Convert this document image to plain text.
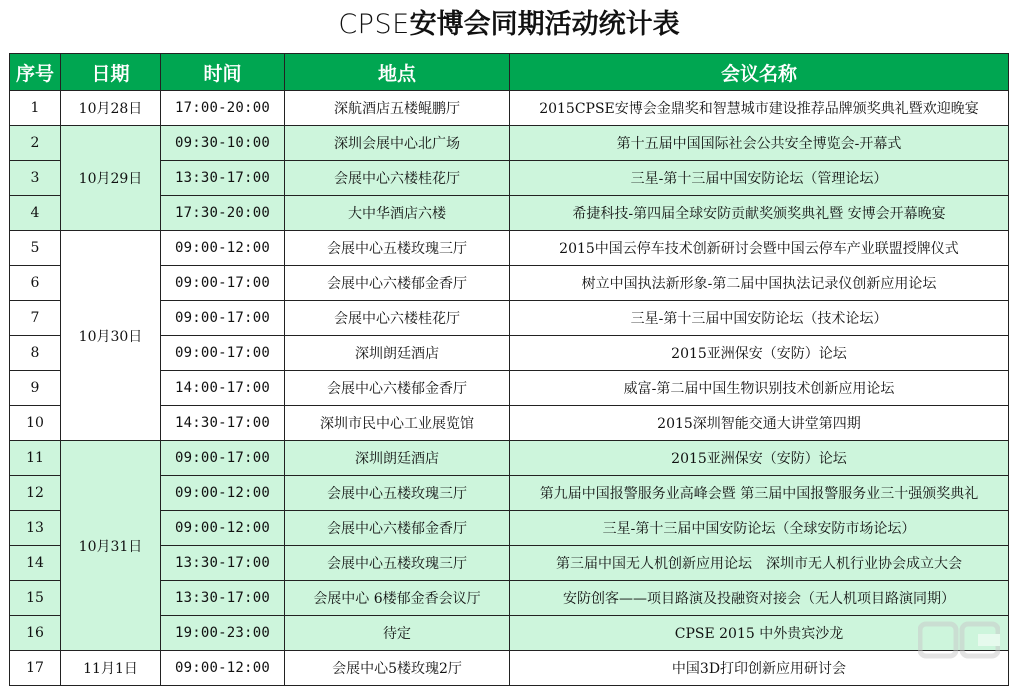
CPSE安博会同期活动统计表
序号	日期	时间	地点	会议名称
1	10月28日	17:00-20:00	深航酒店五楼鲲鹏厅	2015CPSE安博会金鼎奖和智慧城市建设推荐品牌颁奖典礼暨欢迎晚宴
2	10月29日	09:30-10:00	深圳会展中心北广场	第十五届中国国际社会公共安全博览会-开幕式
3		13:30-17:00	会展中心六楼桂花厅	三星-第十三届中国安防论坛（管理论坛）
4		17:30-20:00	大中华酒店六楼	希捷科技-第四届全球安防贡献奖颁奖典礼暨 安博会开幕晚宴
5	10月30日	09:00-12:00	会展中心五楼玫瑰三厅	2015中国云停车技术创新研讨会暨中国云停车产业联盟授牌仪式
6		09:00-17:00	会展中心六楼郁金香厅	树立中国执法新形象-第二届中国执法记录仪创新应用论坛
7		09:00-17:00	会展中心六楼桂花厅	三星-第十三届中国安防论坛（技术论坛）
8		09:00-17:00	深圳朗廷酒店	2015亚洲保安（安防）论坛
9		14:00-17:00	会展中心六楼郁金香厅	威富-第二届中国生物识别技术创新应用论坛
10		14:30-17:00	深圳市民中心工业展览馆	2015深圳智能交通大讲堂第四期
11	10月31日	09:00-17:00	深圳朗廷酒店	2015亚洲保安（安防）论坛
12		09:00-12:00	会展中心五楼玫瑰三厅	第九届中国报警服务业高峰会暨 第三届中国报警服务业三十强颁奖典礼
13		09:00-12:00	会展中心六楼郁金香厅	三星-第十三届中国安防论坛（全球安防市场论坛）
14		13:30-17:00	会展中心五楼玫瑰三厅	第三届中国无人机创新应用论坛　深圳市无人机行业协会成立大会
15		13:30-17:00	会展中心 6楼郁金香会议厅	安防创客——项目路演及投融资对接会（无人机项目路演同期）
16		19:00-23:00	待定	CPSE 2015 中外贵宾沙龙
17	11月1日	09:00-12:00	会展中心5楼玫瑰2厅	中国3D打印创新应用研讨会
